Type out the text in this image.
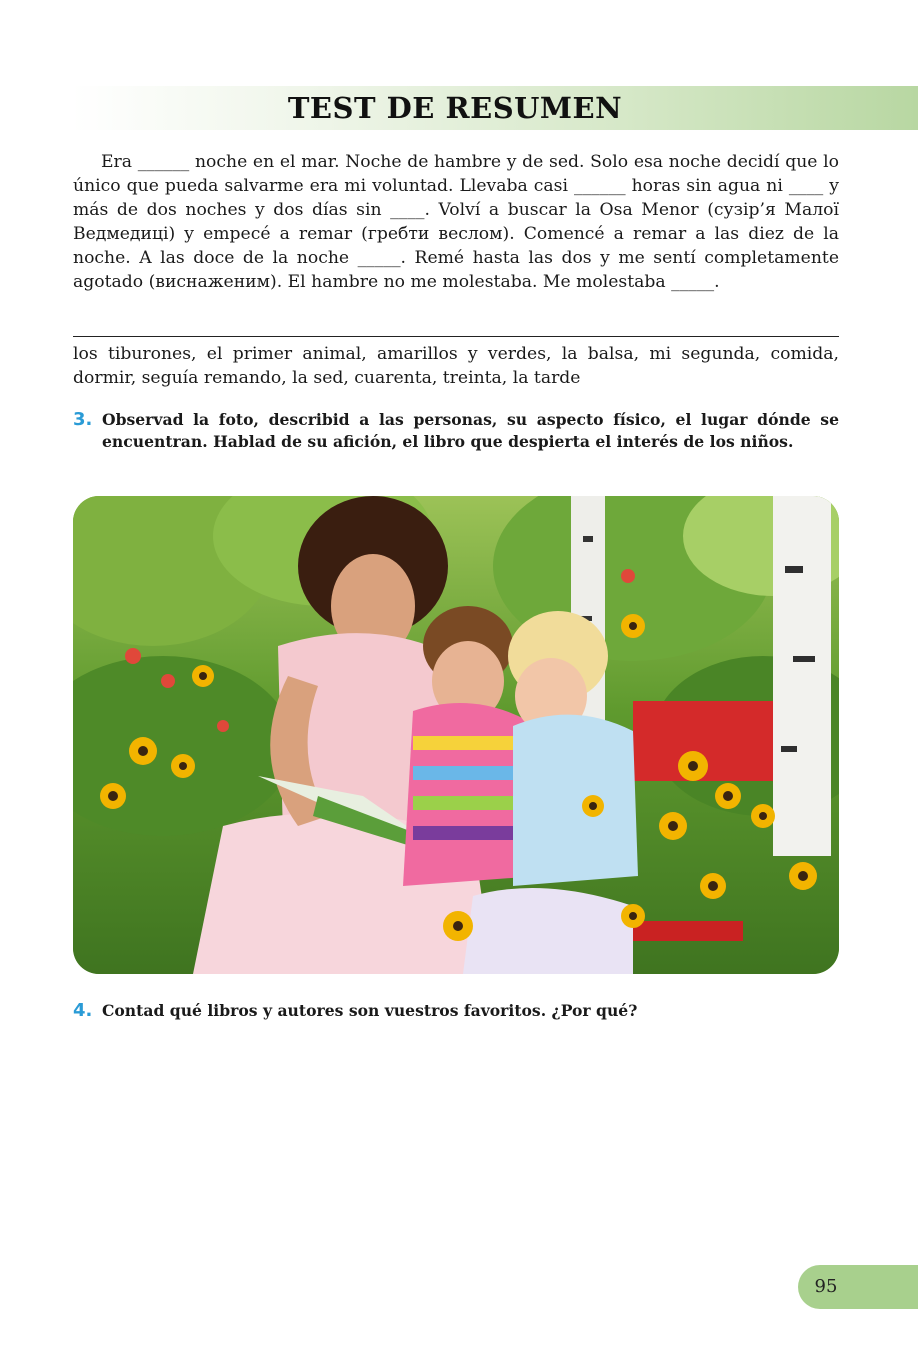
TEST DE RESUMEN

Era ______ noche en el mar. Noche de hambre y de sed. Solo esa noche decidí que lo único que pueda salvarme era mi voluntad. Llevaba casi ______ horas sin agua ni ____ y más de dos noches y dos días sin ____. Volví a buscar la Osa Menor (сузір’я Малої Ведмедиці) y empecé a remar (гребти веслом). Comencé a remar a las diez de la noche. A las doce de la noche _____. Remé hasta las dos y me sentí completamente agotado (виснаженим). El hambre no me molestaba. Me molestaba _____.

los tiburones, el primer animal, amarillos y verdes, la balsa, mi segunda, comida, dormir, seguía remando, la sed, cuarenta, treinta, la tarde

3. Observad la foto, describid a las personas, su aspecto físico, el lugar dónde se encuentran. Hablad de su afición, el libro que despierta el interés de los niños.
4. Contad qué libros y autores son vuestros favoritos. ¿Por qué?
95
